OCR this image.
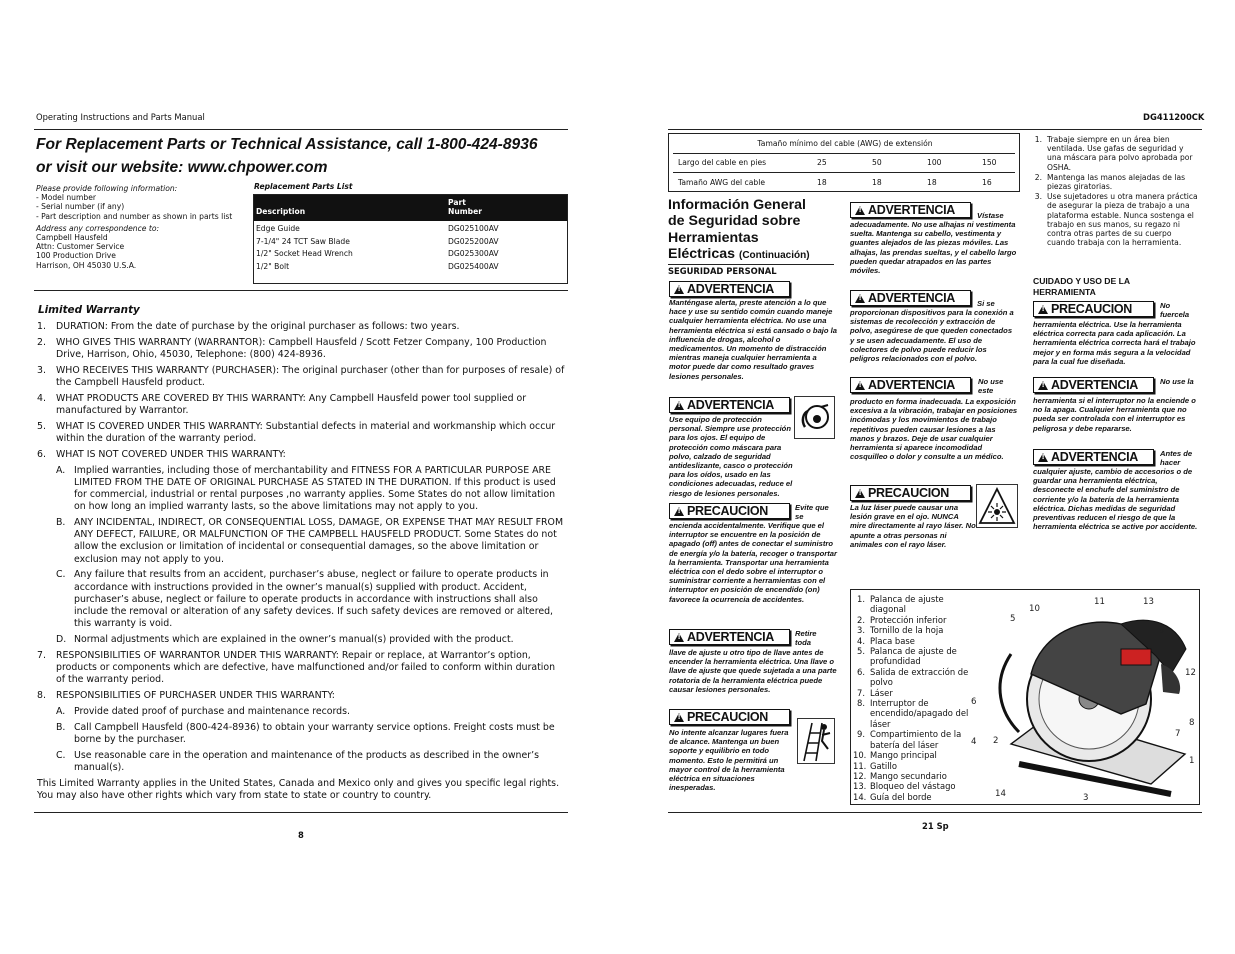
Operating Instructions and Parts Manual
For Replacement Parts or Technical Assistance, call 1-800-424-8936
or visit our website: www.chpower.com
Please provide following information:
- Model number
- Serial number (if any)
- Part description and number as shown in parts list
Address any correspondence to:
Campbell Hausfeld
Attn: Customer Service
100 Production Drive
Harrison, OH 45030 U.S.A.
Replacement Parts List
Description
Part
Number
Edge Guide	DG025100AV
7-1/4" 24 TCT Saw Blade	DG025200AV
1/2" Socket Head Wrench	DG025300AV
1/2" Bolt	DG025400AV
Limited Warranty
1. DURATION: From the date of purchase by the original purchaser as follows: two years.
2. WHO GIVES THIS WARRANTY (WARRANTOR): Campbell Hausfeld / Scott Fetzer Company, 100 Production Drive, Harrison, Ohio, 45030, Telephone: (800) 424-8936.
3. WHO RECEIVES THIS WARRANTY (PURCHASER): The original purchaser (other than for purposes of resale) of the Campbell Hausfeld product.
4. WHAT PRODUCTS ARE COVERED BY THIS WARRANTY: Any Campbell Hausfeld power tool supplied or manufactured by Warrantor.
5. WHAT IS COVERED UNDER THIS WARRANTY: Substantial defects in material and workmanship which occur within the duration of the warranty period.
6. WHAT IS NOT COVERED UNDER THIS WARRANTY:
A. Implied warranties, including those of merchantability and FITNESS FOR A PARTICULAR PURPOSE ARE LIMITED FROM THE DATE OF ORIGINAL PURCHASE AS STATED IN THE DURATION. If this product is used for commercial, industrial or rental purposes ,no warranty applies. Some States do not allow limitation on how long an implied warranty lasts, so the above limitations may not apply to you.
B. ANY INCIDENTAL, INDIRECT, OR CONSEQUENTIAL LOSS, DAMAGE, OR EXPENSE THAT MAY RESULT FROM ANY DEFECT, FAILURE, OR MALFUNCTION OF THE CAMPBELL HAUSFELD PRODUCT. Some States do not allow the exclusion or limitation of incidental or consequential damages, so the above limitation or exclusion may not apply to you.
C. Any failure that results from an accident, purchaser’s abuse, neglect or failure to operate products in accordance with instructions provided in the owner’s manual(s) supplied with product. Accident, purchaser’s abuse, neglect or failure to operate products in accordance with instructions shall also include the removal or alteration of any safety devices. If such safety devices are removed or altered, this warranty is void.
D. Normal adjustments which are explained in the owner’s manual(s) provided with the product.
7. RESPONSIBILITIES OF WARRANTOR UNDER THIS WARRANTY: Repair or replace, at Warrantor’s option, products or components which are defective, have malfunctioned and/or failed to conform within duration of the warranty period.
8. RESPONSIBILITIES OF PURCHASER UNDER THIS WARRANTY:
A. Provide dated proof of purchase and maintenance records.
B. Call Campbell Hausfeld (800-424-8936) to obtain your warranty service options. Freight costs must be borne by the purchaser.
C. Use reasonable care in the operation and maintenance of the products as described in the owner’s manual(s).
This Limited Warranty applies in the United States, Canada and Mexico only and gives you specific legal rights. You may also have other rights which vary from state to state or country to country.
8
DG411200CK
Tamaño mínimo del cable (AWG) de extensión
Largo del cable en pies	25	50	100	150
Tamaño AWG del cable	18	18	18	16
Información General
de Seguridad sobre
Herramientas
Eléctricas (Continuación)
SEGURIDAD PERSONAL
!
ADVERTENCIA
Manténgase alerta, preste atención a lo que hace y use su sentido común cuando maneje cualquier herramienta eléctrica. No use una herramienta eléctrica si está cansado o bajo la influencia de drogas, alcohol o medicamentos. Un momento de distracción mientras maneja cualquier herramienta a motor puede dar como resultado graves lesiones personales.
!
ADVERTENCIA
Use equipo de protección personal. Siempre use protección para los ojos. El equipo de protección como máscara para polvo, calzado de seguridad antideslizante, casco o protección para los oídos, usado en las condiciones adecuadas, reduce el riesgo de lesiones personales.
!
PRECAUCION	Evite que se
encienda accidentalmente. Verifique que el interruptor se encuentre en la posición de apagado (off) antes de conectar el suministro de energía y/o la batería, recoger o transportar la herramienta. Transportar una herramienta eléctrica con el dedo sobre el interruptor o suministrar corriente a herramientas con el interruptor en posición de encendido (on) favorece la ocurrencia de accidentes.
!
ADVERTENCIA	Retire toda
llave de ajuste u otro tipo de llave antes de encender la herramienta eléctrica. Una llave o llave de ajuste que quede sujetada a una parte rotatoria de la herramienta eléctrica puede causar lesiones personales.
!
PRECAUCION
No intente alcanzar lugares fuera de alcance. Mantenga un buen soporte y equilibrio en todo momento. Esto le permitirá un mayor control de la herramienta eléctrica en situaciones inesperadas.
!
ADVERTENCIA	Vístase
adecuadamente. No use alhajas ni vestimenta suelta. Mantenga su cabello, vestimenta y guantes alejados de las piezas móviles. Las alhajas, las prendas sueltas, y el cabello largo pueden quedar atrapados en las partes móviles.
!
ADVERTENCIA	Si se
proporcionan dispositivos para la conexión a sistemas de recolección y extracción de polvo, asegúrese de que queden conectados y se usen adecuadamente. El uso de colectores de polvo puede reducir los peligros relacionados con el polvo.
!
ADVERTENCIA	No use este
producto en forma inadecuada. La exposición excesiva a la vibración, trabajar en posiciones incómodas y los movimientos de trabajo repetitivos pueden causar lesiones a las manos y brazos. Deje de usar cualquier herramienta si aparece incomodidad cosquilleo o dolor y consulte a un médico.
!
PRECAUCION
La luz láser puede causar una lesión grave en el ojo. NUNCA mire directamente al rayo láser. No apunte a otras personas ni animales con el rayo láser.
1. Trabaje siempre en un área bien ventilada. Use gafas de seguridad y una máscara para polvo aprobada por OSHA.
2. Mantenga las manos alejadas de las piezas giratorias.
3. Use sujetadores u otra manera práctica de asegurar la pieza de trabajo a una plataforma estable. Nunca sostenga el trabajo en sus manos, su regazo ni contra otras partes de su cuerpo cuando trabaja con la herramienta.
CUIDADO Y USO DE LA HERRAMIENTA
!
PRECAUCION	No fuercela
herramienta eléctrica. Use la herramienta eléctrica correcta para cada aplicación. La herramienta eléctrica correcta hará el trabajo mejor y en forma más segura a la velocidad para la cual fue diseñada.
!
ADVERTENCIA	No use la
herramienta si el interruptor no la enciende o no la apaga. Cualquier herramienta que no pueda ser controlada con el interruptor es peligrosa y debe repararse.
!
ADVERTENCIA	Antes de hacer
cualquier ajuste, cambio de accesorios o de guardar una herramienta eléctrica, desconecte el enchufe del suministro de corriente y/o la batería de la herramienta eléctrica. Dichas medidas de seguridad preventivas reducen el riesgo de que la herramienta eléctrica se active por accidente.
1. Palanca de ajuste diagonal
2. Protección inferior
3. Tornillo de la hoja
4. Placa base
5. Palanca de ajuste de profundidad
6. Salida de extracción de polvo
7. Láser
8. Interruptor de encendido/apagado del láser
9. Compartimiento de la batería del láser
10. Mango principal
11. Gatillo
12. Mango secundario
13. Bloqueo del vástago
14. Guía del borde
1
2
3
4
5
6
7
8
9
10
11
12
13
14
21 Sp
